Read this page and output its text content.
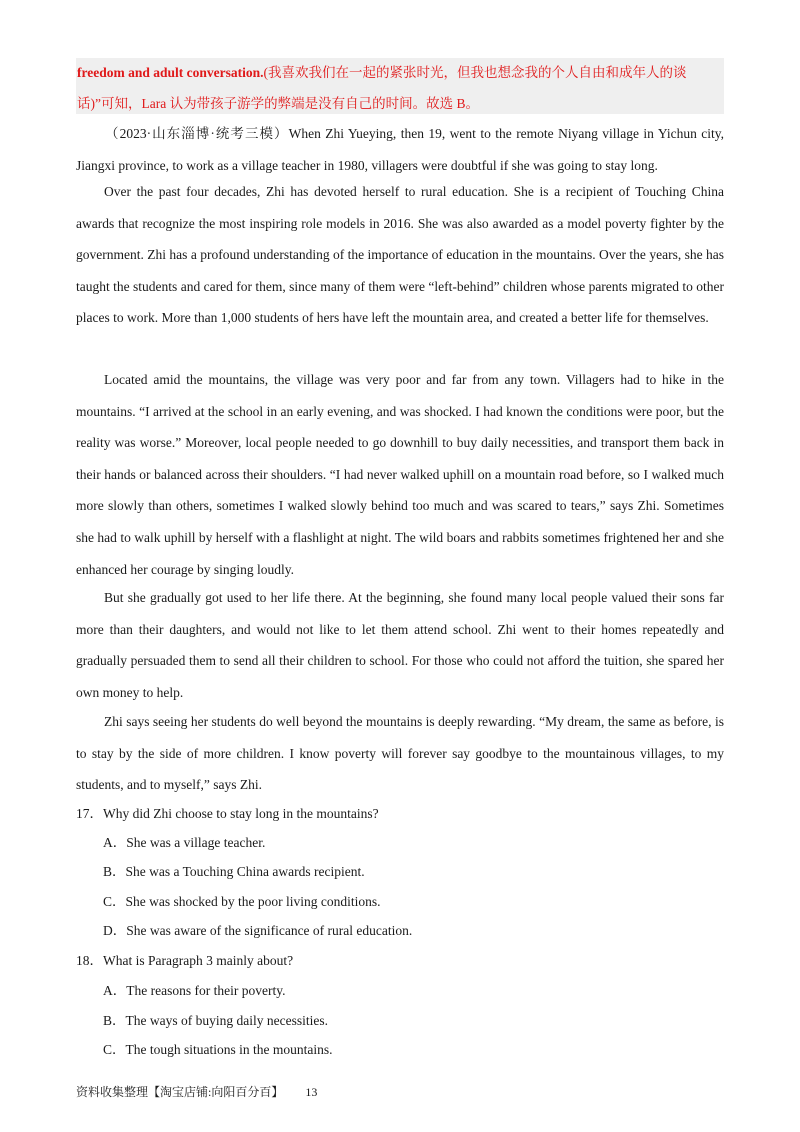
freedom and adult conversation.(我喜欢我们在一起的紧张时光，但我也想念我的个人自由和成年人的谈
话)”可知，Lara 认为带孩子游学的弊端是没有自己的时间。故选 B。

（2023·山东淄博·统考三模）When Zhi Yueying, then 19, went to the remote Niyang village in Yichun city, Jiangxi province, to work as a village teacher in 1980, villagers were doubtful if she was going to stay long.

Over the past four decades, Zhi has devoted herself to rural education. She is a recipient of Touching China awards that recognize the most inspiring role models in 2016. She was also awarded as a model poverty fighter by the government. Zhi has a profound understanding of the importance of education in the mountains. Over the years, she has taught the students and cared for them, since many of them were “left-behind” children whose parents migrated to other places to work. More than 1,000 students of hers have left the mountain area, and created a better life for themselves.

Located amid the mountains, the village was very poor and far from any town. Villagers had to hike in the mountains. “I arrived at the school in an early evening, and was shocked. I had known the conditions were poor, but the reality was worse.” Moreover, local people needed to go downhill to buy daily necessities, and transport them back in their hands or balanced across their shoulders. “I had never walked uphill on a mountain road before, so I walked much more slowly than others, sometimes I walked slowly behind too much and was scared to tears,” says Zhi. Sometimes she had to walk uphill by herself with a flashlight at night. The wild boars and rabbits sometimes frightened her and she enhanced her courage by singing loudly.

But she gradually got used to her life there. At the beginning, she found many local people valued their sons far more than their daughters, and would not like to let them attend school. Zhi went to their homes repeatedly and gradually persuaded them to send all their children to school. For those who could not afford the tuition, she spared her own money to help.

Zhi says seeing her students do well beyond the mountains is deeply rewarding. “My dream, the same as before, is to stay by the side of more children. I know poverty will forever say goodbye to the mountainous villages, to my students, and to myself,” says Zhi.

17．Why did Zhi choose to stay long in the mountains?
A．She was a village teacher.
B．She was a Touching China awards recipient.
C．She was shocked by the poor living conditions.
D．She was aware of the significance of rural education.
18．What is Paragraph 3 mainly about?
A．The reasons for their poverty.
B．The ways of buying daily necessities.
C．The tough situations in the mountains.
资料收集整理【淘宝店铺:向阳百分百】 13
